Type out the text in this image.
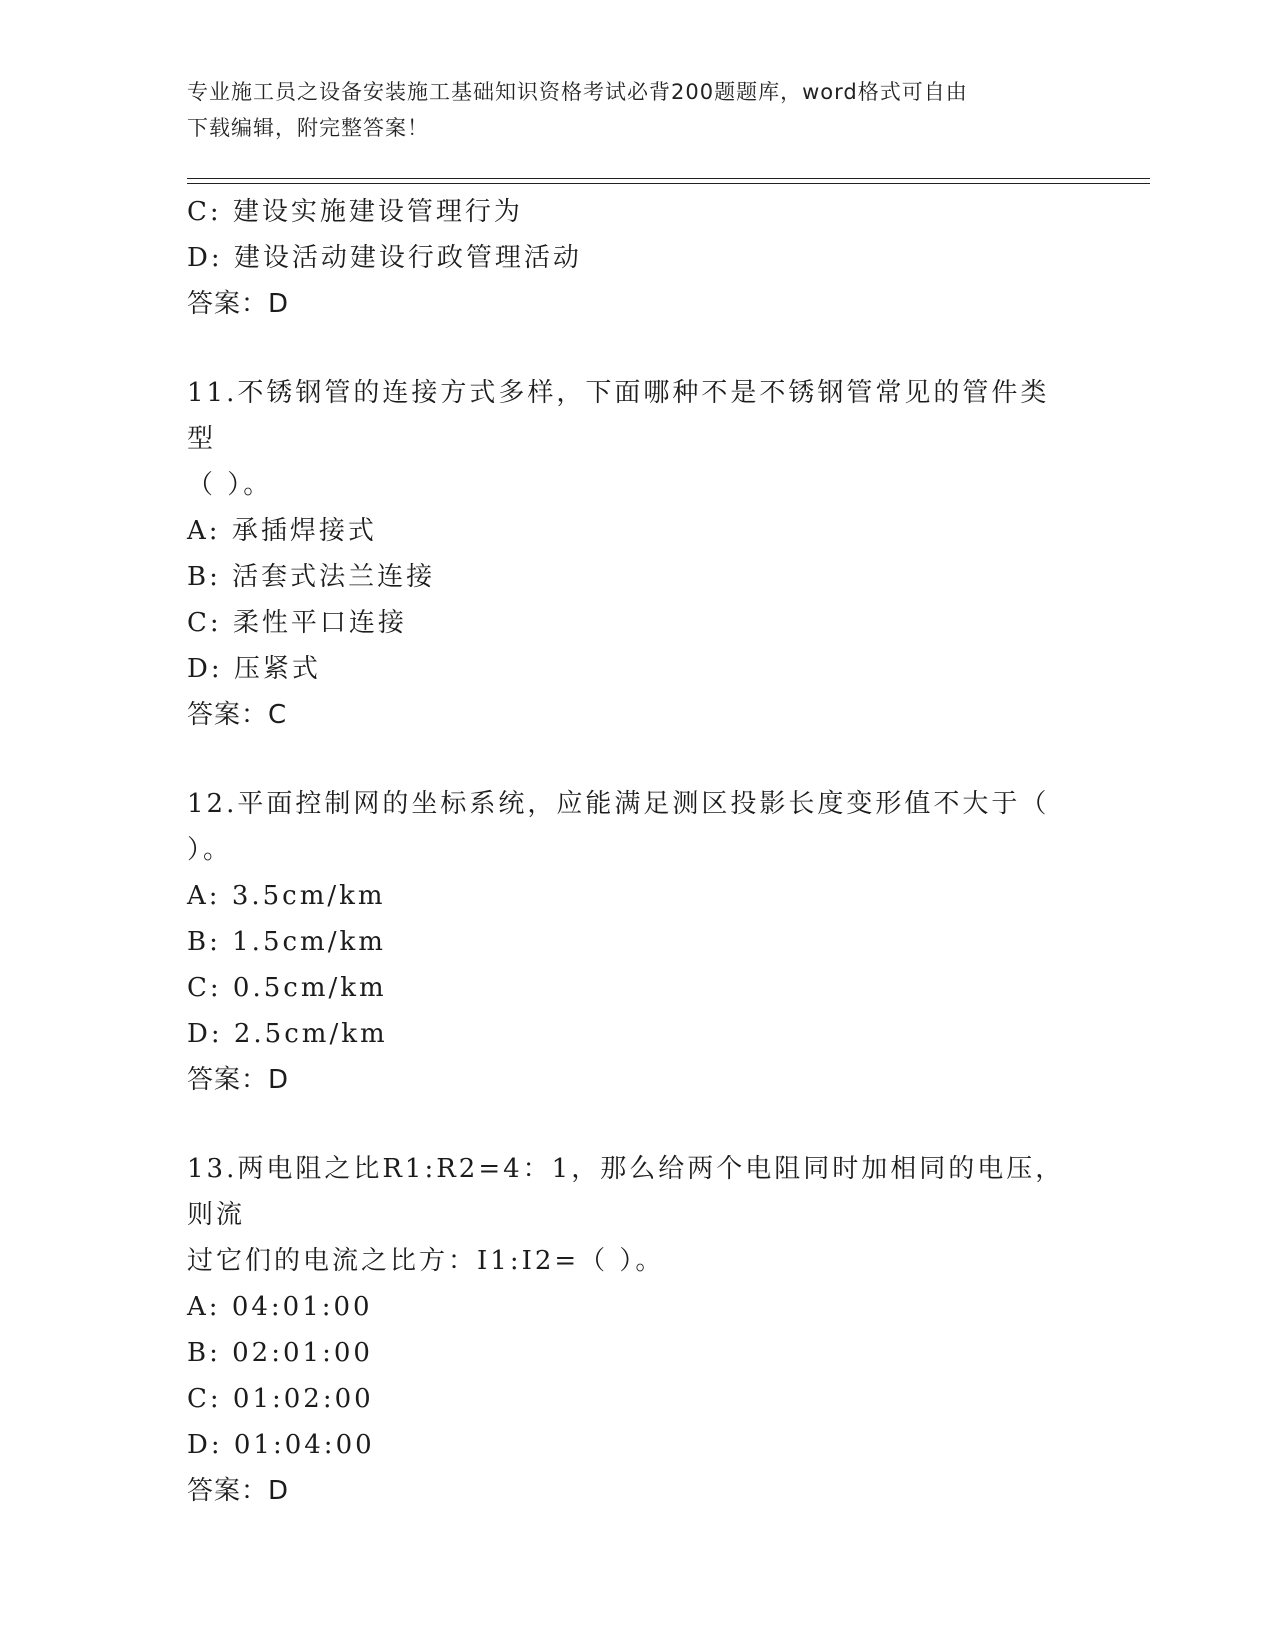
专业施工员之设备安装施工基础知识资格考试必背200题题库，word格式可自由
下载编辑，附完整答案！
C: 建设实施建设管理行为
D: 建设活动建设行政管理活动
答案：D
11.不锈钢管的连接方式多样，下面哪种不是不锈钢管常见的管件类型
（ ）。
A: 承插焊接式
B: 活套式法兰连接
C: 柔性平口连接
D: 压紧式
答案：C
12.平面控制网的坐标系统，应能满足测区投影长度变形值不大于（
）。
A: 3.5cm/km
B: 1.5cm/km
C: 0.5cm/km
D: 2.5cm/km
答案：D
13.两电阻之比R1:R2=4：1，那么给两个电阻同时加相同的电压，则流
过它们的电流之比方：I1:I2=（ ）。
A: 04:01:00
B: 02:01:00
C: 01:02:00
D: 01:04:00
答案：D
